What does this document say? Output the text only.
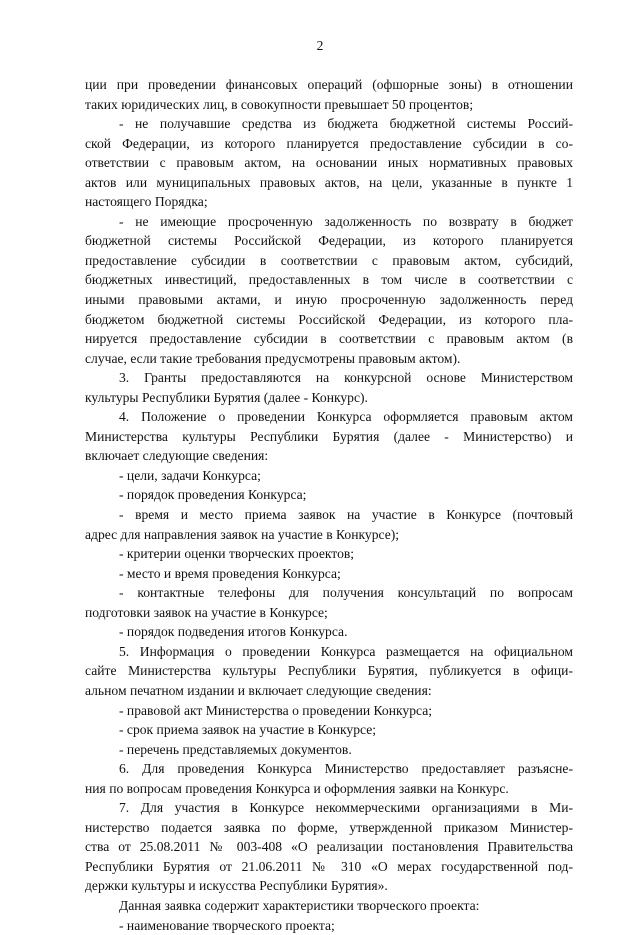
2
ции при проведении финансовых операций (офшорные зоны) в отношении
таких юридических лиц, в совокупности превышает 50 процентов;
- не получавшие средства из бюджета бюджетной системы Россий-
ской Федерации, из которого планируется предоставление субсидии в со-
ответствии с правовым актом, на основании иных нормативных правовых
актов или муниципальных правовых актов, на цели, указанные в пункте 1
настоящего Порядка;
- не имеющие просроченную задолженность по возврату в бюджет
бюджетной системы Российской Федерации, из которого планируется
предоставление субсидии в соответствии с правовым актом, субсидий,
бюджетных инвестиций, предоставленных в том числе в соответствии с
иными правовыми актами, и иную просроченную задолженность перед
бюджетом бюджетной системы Российской Федерации, из которого пла-
нируется предоставление субсидии в соответствии с правовым актом (в
случае, если такие требования предусмотрены правовым актом).
3. Гранты предоставляются на конкурсной основе Министерством
культуры Республики Бурятия (далее - Конкурс).
4. Положение о проведении Конкурса оформляется правовым актом
Министерства культуры Республики Бурятия (далее - Министерство) и
включает следующие сведения:
- цели, задачи Конкурса;
- порядок проведения Конкурса;
- время и место приема заявок на участие в Конкурсе (почтовый
адрес для направления заявок на участие в Конкурсе);
- критерии оценки творческих проектов;
- место и время проведения Конкурса;
- контактные телефоны для получения консультаций по вопросам
подготовки заявок на участие в Конкурсе;
- порядок подведения итогов Конкурса.
5. Информация о проведении Конкурса размещается на официальном
сайте Министерства культуры Республики Бурятия, публикуется в офици-
альном печатном издании и включает следующие сведения:
- правовой акт Министерства о проведении Конкурса;
- срок приема заявок на участие в Конкурсе;
- перечень представляемых документов.
6. Для проведения Конкурса Министерство предоставляет разъясне-
ния по вопросам проведения Конкурса и оформления заявки на Конкурс.
7. Для участия в Конкурсе некоммерческими организациями в Ми-
нистерство подается заявка по форме, утвержденной приказом Министер-
ства от 25.08.2011 № 003-408 «О реализации постановления Правительства
Республики Бурятия от 21.06.2011 № 310 «О мерах государственной под-
держки культуры и искусства Республики Бурятия».
Данная заявка содержит характеристики творческого проекта:
- наименование творческого проекта;
